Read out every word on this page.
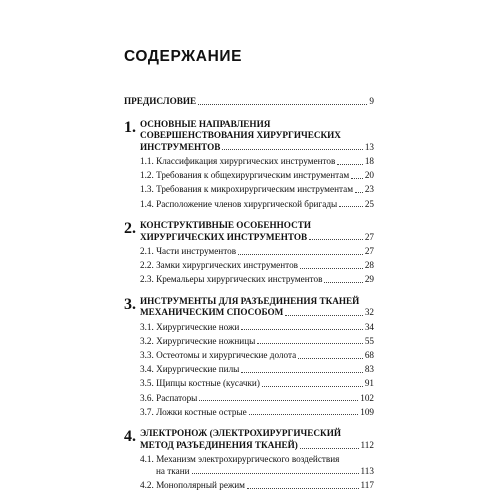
СОДЕРЖАНИЕ
ПРЕДИСЛОВИЕ	9
1. ОСНОВНЫЕ НАПРАВЛЕНИЯ
СОВЕРШЕНСТВОВАНИЯ ХИРУРГИЧЕСКИХ
ИНСТРУМЕНТОВ	13
1.1. Классификация хирургических инструментов	18
1.2. Требования к общехирургическим инструментам 20
1.3. Требования к микрохирургическим инструментам 23
1.4. Расположение членов хирургической бригады	25
2. КОНСТРУКТИВНЫЕ ОСОБЕННОСТИ
ХИРУРГИЧЕСКИХ ИНСТРУМЕНТОВ	27
2.1. Части инструментов	27
2.2. Замки хирургических инструментов	28
2.3. Кремальеры хирургических инструментов	29
3. ИНСТРУМЕНТЫ ДЛЯ РАЗЪЕДИНЕНИЯ ТКАНЕЙ
МЕХАНИЧЕСКИМ СПОСОБОМ	32
3.1. Хирургические ножи	34
3.2. Хирургические ножницы	55
3.3. Остеотомы и хирургические долота	68
3.4. Хирургические пилы	83
3.5. Щипцы костные (кусачки)	91
3.6. Распаторы	102
3.7. Ложки костные острые	109
4. ЭЛЕКТРОНОЖ (ЭЛЕКТРОХИРУРГИЧЕСКИЙ
МЕТОД РАЗЪЕДИНЕНИЯ ТКАНЕЙ)	112
4.1. Механизм электрохирургического воздействия
на ткани	113
4.2. Монополярный режим	117
